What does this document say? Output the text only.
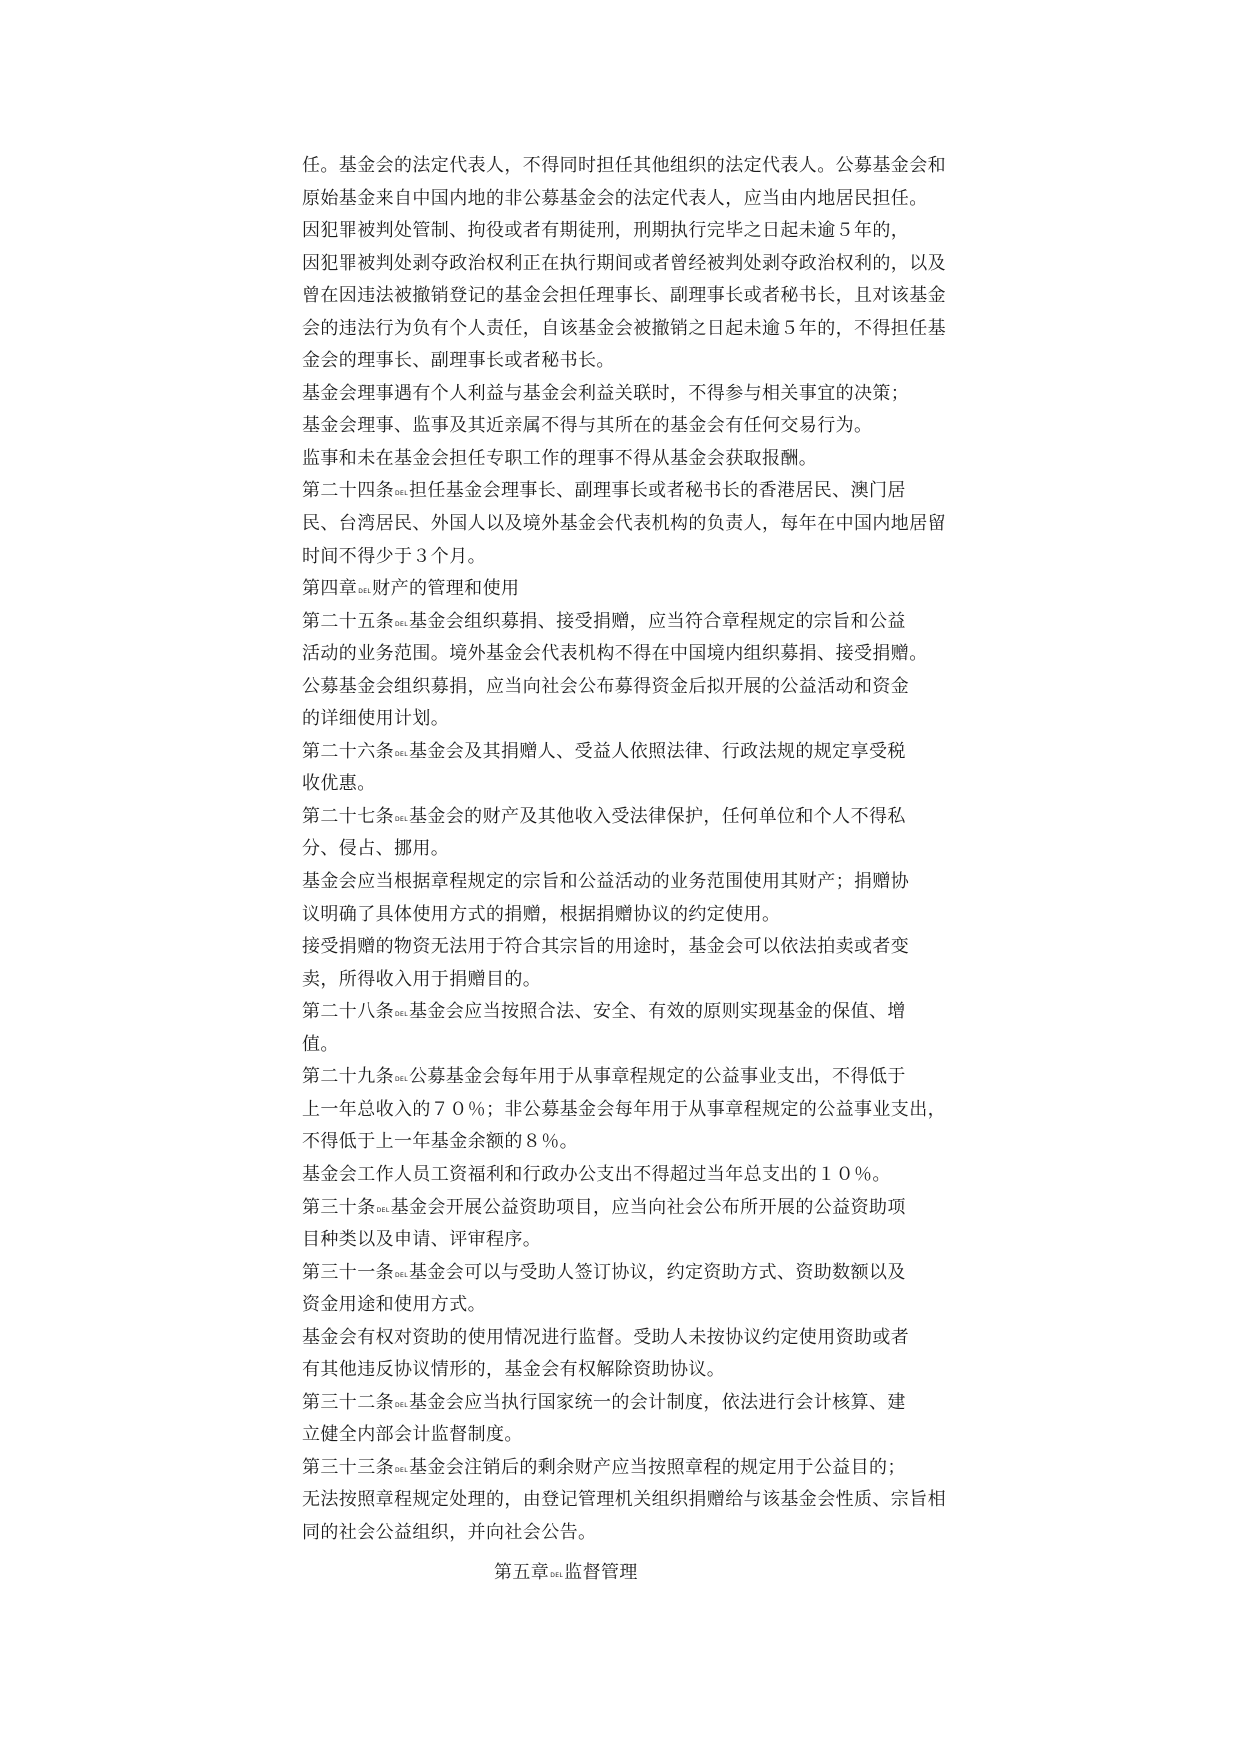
任。基金会的法定代表人，不得同时担任其他组织的法定代表人。公募基金会和
原始基金来自中国内地的非公募基金会的法定代表人，应当由内地居民担任。
因犯罪被判处管制、拘役或者有期徒刑，刑期执行完毕之日起未逾５年的，
因犯罪被判处剥夺政治权利正在执行期间或者曾经被判处剥夺政治权利的，以及
曾在因违法被撤销登记的基金会担任理事长、副理事长或者秘书长，且对该基金
会的违法行为负有个人责任，自该基金会被撤销之日起未逾５年的，不得担任基
金会的理事长、副理事长或者秘书长。
基金会理事遇有个人利益与基金会利益关联时，不得参与相关事宜的决策；
基金会理事、监事及其近亲属不得与其所在的基金会有任何交易行为。
监事和未在基金会担任专职工作的理事不得从基金会获取报酬。
第二十四条DEL担任基金会理事长、副理事长或者秘书长的香港居民、澳门居
民、台湾居民、外国人以及境外基金会代表机构的负责人，每年在中国内地居留
时间不得少于３个月。
第四章DEL财产的管理和使用
第二十五条DEL基金会组织募捐、接受捐赠，应当符合章程规定的宗旨和公益
活动的业务范围。境外基金会代表机构不得在中国境内组织募捐、接受捐赠。
公募基金会组织募捐，应当向社会公布募得资金后拟开展的公益活动和资金
的详细使用计划。
第二十六条DEL基金会及其捐赠人、受益人依照法律、行政法规的规定享受税
收优惠。
第二十七条DEL基金会的财产及其他收入受法律保护，任何单位和个人不得私
分、侵占、挪用。
基金会应当根据章程规定的宗旨和公益活动的业务范围使用其财产；捐赠协
议明确了具体使用方式的捐赠，根据捐赠协议的约定使用。
接受捐赠的物资无法用于符合其宗旨的用途时，基金会可以依法拍卖或者变
卖，所得收入用于捐赠目的。
第二十八条DEL基金会应当按照合法、安全、有效的原则实现基金的保值、增
值。
第二十九条DEL公募基金会每年用于从事章程规定的公益事业支出，不得低于
上一年总收入的７０％；非公募基金会每年用于从事章程规定的公益事业支出，
不得低于上一年基金余额的８％。
基金会工作人员工资福利和行政办公支出不得超过当年总支出的１０％。
第三十条DEL基金会开展公益资助项目，应当向社会公布所开展的公益资助项
目种类以及申请、评审程序。
第三十一条DEL基金会可以与受助人签订协议，约定资助方式、资助数额以及
资金用途和使用方式。
基金会有权对资助的使用情况进行监督。受助人未按协议约定使用资助或者
有其他违反协议情形的，基金会有权解除资助协议。
第三十二条DEL基金会应当执行国家统一的会计制度，依法进行会计核算、建
立健全内部会计监督制度。
第三十三条DEL基金会注销后的剩余财产应当按照章程的规定用于公益目的；
无法按照章程规定处理的，由登记管理机关组织捐赠给与该基金会性质、宗旨相
同的社会公益组织，并向社会公告。
第五章DEL监督管理
